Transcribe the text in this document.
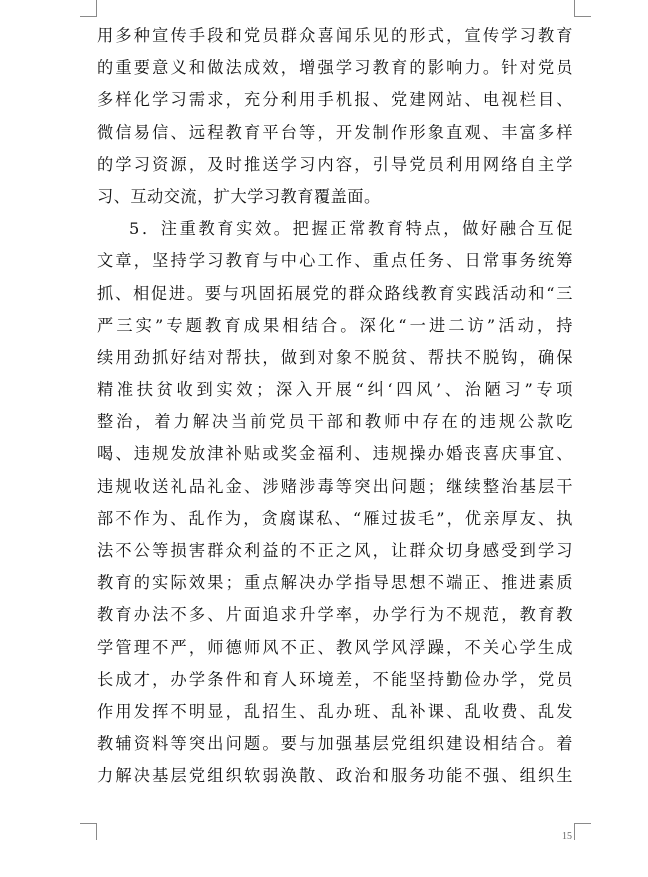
用多种宣传手段和党员群众喜闻乐见的形式，宣传学习教育
的重要意义和做法成效，增强学习教育的影响力。针对党员
多样化学习需求，充分利用手机报、党建网站、电视栏目、
微信易信、远程教育平台等，开发制作形象直观、丰富多样
的学习资源，及时推送学习内容，引导党员利用网络自主学
习、互动交流，扩大学习教育覆盖面。
5．注重教育实效。把握正常教育特点，做好融合互促
文章，坚持学习教育与中心工作、重点任务、日常事务统筹
抓、相促进。要与巩固拓展党的群众路线教育实践活动和“三
严三实”专题教育成果相结合。深化“一进二访”活动，持
续用劲抓好结对帮扶，做到对象不脱贫、帮扶不脱钩，确保
精准扶贫收到实效；深入开展“纠‘四风’、治陋习”专项
整治，着力解决当前党员干部和教师中存在的违规公款吃
喝、违规发放津补贴或奖金福利、违规操办婚丧喜庆事宜、
违规收送礼品礼金、涉赌涉毒等突出问题；继续整治基层干
部不作为、乱作为，贪腐谋私、“雁过拔毛”，优亲厚友、执
法不公等损害群众利益的不正之风，让群众切身感受到学习
教育的实际效果；重点解决办学指导思想不端正、推进素质
教育办法不多、片面追求升学率，办学行为不规范，教育教
学管理不严，师德师风不正、教风学风浮躁，不关心学生成
长成才，办学条件和育人环境差，不能坚持勤俭办学，党员
作用发挥不明显，乱招生、乱办班、乱补课、乱收费、乱发
教辅资料等突出问题。要与加强基层党组织建设相结合。着
力解决基层党组织软弱涣散、政治和服务功能不强、组织生
15
